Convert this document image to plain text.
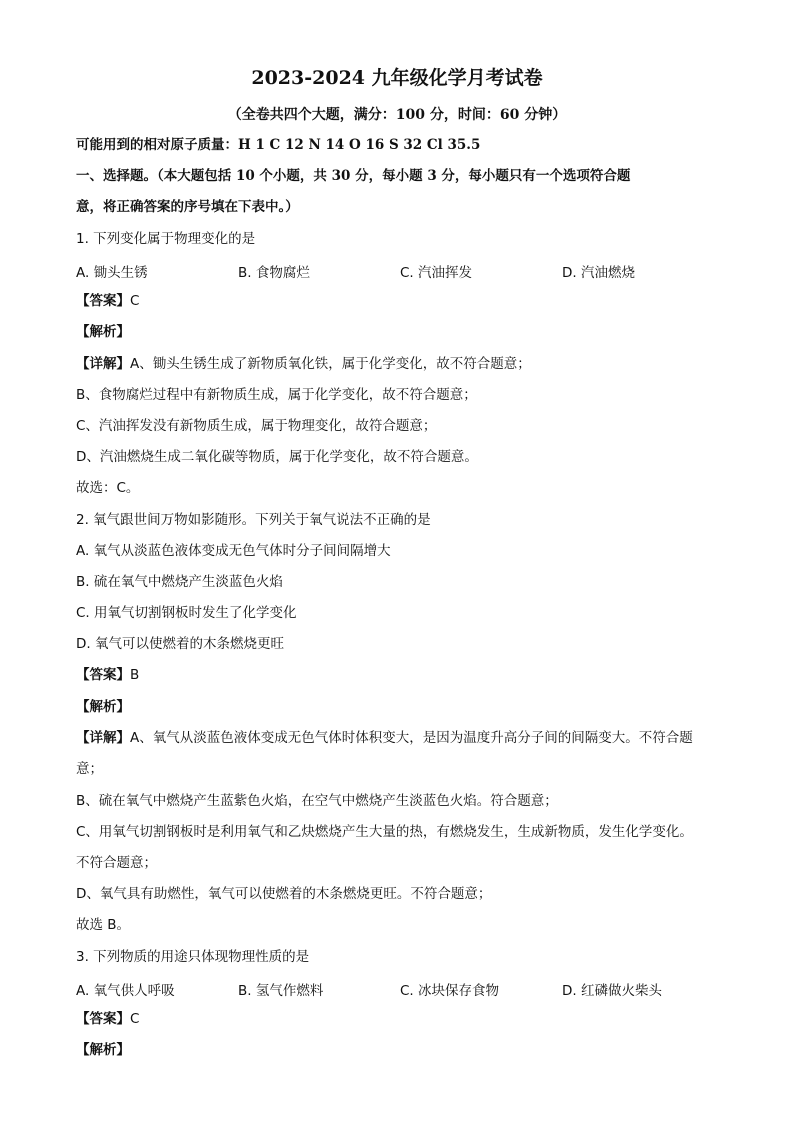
2023-2024 九年级化学月考试卷
（全卷共四个大题，满分：100 分，时间：60 分钟）
可能用到的相对原子质量：H 1 C 12 N 14 O 16 S 32 Cl 35.5
一、选择题。（本大题包括 10 个小题，共 30 分，每小题 3 分，每小题只有一个选项符合题
意，将正确答案的序号填在下表中。）
1. 下列变化属于物理变化的是
A. 锄头生锈	B. 食物腐烂	C. 汽油挥发	D. 汽油燃烧
【答案】C
【解析】
【详解】A、锄头生锈生成了新物质氧化铁，属于化学变化，故不符合题意；
B、食物腐烂过程中有新物质生成，属于化学变化，故不符合题意；
C、汽油挥发没有新物质生成，属于物理变化，故符合题意；
D、汽油燃烧生成二氧化碳等物质，属于化学变化，故不符合题意。
故选：C。
2. 氧气跟世间万物如影随形。下列关于氧气说法不正确的是
A. 氧气从淡蓝色液体变成无色气体时分子间间隔增大
B. 硫在氧气中燃烧产生淡蓝色火焰
C. 用氧气切割钢板时发生了化学变化
D. 氧气可以使燃着的木条燃烧更旺
【答案】B
【解析】
【详解】A、氧气从淡蓝色液体变成无色气体时体积变大，是因为温度升高分子间的间隔变大。不符合题
意；
B、硫在氧气中燃烧产生蓝紫色火焰，在空气中燃烧产生淡蓝色火焰。符合题意；
C、用氧气切割钢板时是利用氧气和乙炔燃烧产生大量的热，有燃烧发生，生成新物质，发生化学变化。
不符合题意；
D、氧气具有助燃性，氧气可以使燃着的木条燃烧更旺。不符合题意；
故选 B。
3. 下列物质的用途只体现物理性质的是
A. 氧气供人呼吸	B. 氢气作燃料	C. 冰块保存食物	D. 红磷做火柴头
【答案】C
【解析】
